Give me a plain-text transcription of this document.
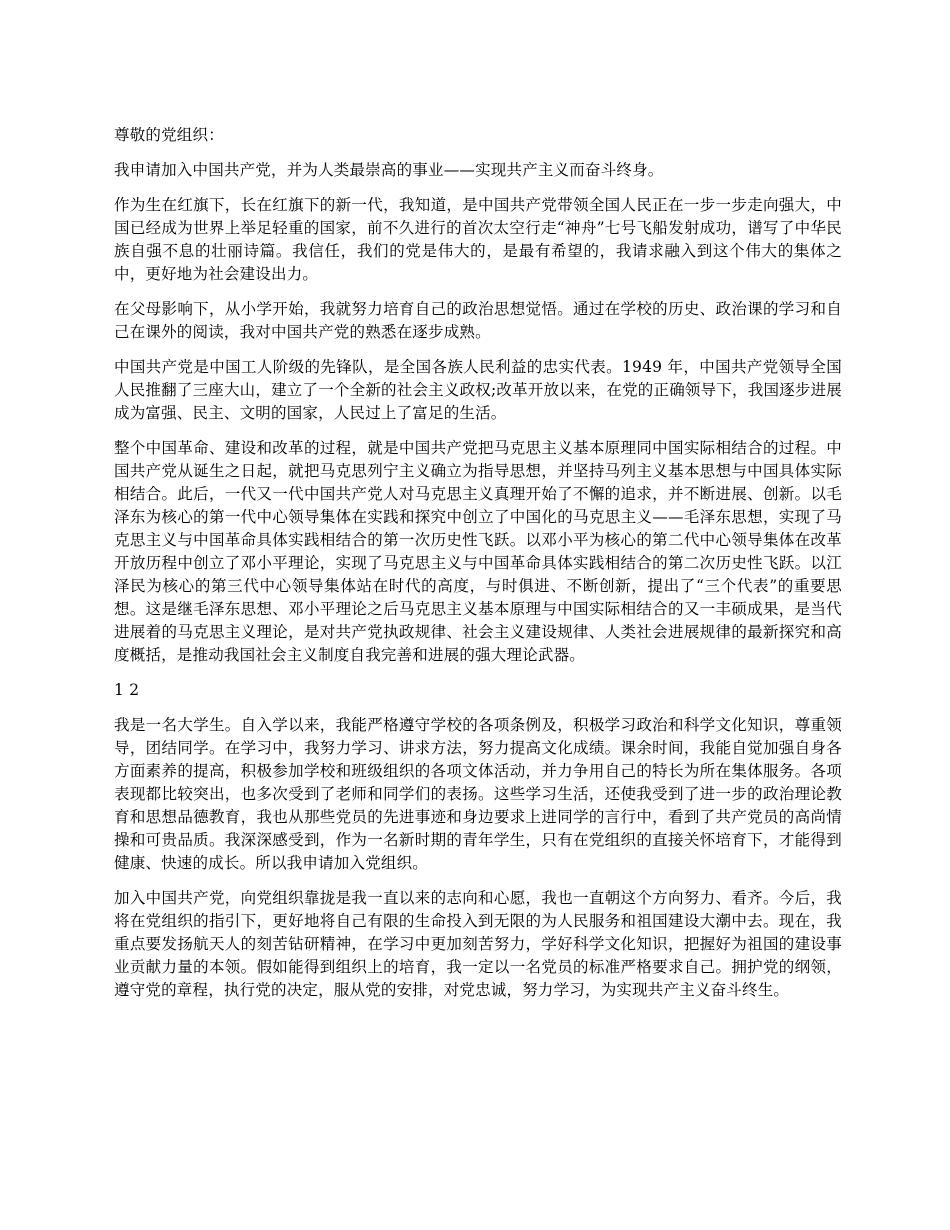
尊敬的党组织：

我申请加入中国共产党，并为人类最崇高的事业——实现共产主义而奋斗终身。

作为生在红旗下，长在红旗下的新一代，我知道，是中国共产党带领全国人民正在一步一步走向强大，中国已经成为世界上举足轻重的国家，前不久进行的首次太空行走“神舟”七号飞船发射成功，谱写了中华民族自强不息的壮丽诗篇。我信任，我们的党是伟大的，是最有希望的，我请求融入到这个伟大的集体之中，更好地为社会建设出力。

在父母影响下，从小学开始，我就努力培育自己的政治思想觉悟。通过在学校的历史、政治课的学习和自己在课外的阅读，我对中国共产党的熟悉在逐步成熟。

中国共产党是中国工人阶级的先锋队，是全国各族人民利益的忠实代表。1949 年，中国共产党领导全国人民推翻了三座大山，建立了一个全新的社会主义政权;改革开放以来，在党的正确领导下，我国逐步进展成为富强、民主、文明的国家，人民过上了富足的生活。

整个中国革命、建设和改革的过程，就是中国共产党把马克思主义基本原理同中国实际相结合的过程。中国共产党从诞生之日起，就把马克思列宁主义确立为指导思想，并坚持马列主义基本思想与中国具体实际相结合。此后，一代又一代中国共产党人对马克思主义真理开始了不懈的追求，并不断进展、创新。以毛泽东为核心的第一代中心领导集体在实践和探究中创立了中国化的马克思主义——毛泽东思想，实现了马克思主义与中国革命具体实践相结合的第一次历史性飞跃。以邓小平为核心的第二代中心领导集体在改革开放历程中创立了邓小平理论，实现了马克思主义与中国革命具体实践相结合的第二次历史性飞跃。以江泽民为核心的第三代中心领导集体站在时代的高度，与时俱进、不断创新，提出了“三个代表”的重要思想。这是继毛泽东思想、邓小平理论之后马克思主义基本原理与中国实际相结合的又一丰硕成果，是当代进展着的马克思主义理论，是对共产党执政规律、社会主义建设规律、人类社会进展规律的最新探究和高度概括，是推动我国社会主义制度自我完善和进展的强大理论武器。

1 2

我是一名大学生。自入学以来，我能严格遵守学校的各项条例及，积极学习政治和科学文化知识，尊重领导，团结同学。在学习中，我努力学习、讲求方法，努力提高文化成绩。课余时间，我能自觉加强自身各方面素养的提高，积极参加学校和班级组织的各项文体活动，并力争用自己的特长为所在集体服务。各项表现都比较突出，也多次受到了老师和同学们的表扬。这些学习生活，还使我受到了进一步的政治理论教育和思想品德教育，我也从那些党员的先进事迹和身边要求上进同学的言行中，看到了共产党员的高尚情操和可贵品质。我深深感受到，作为一名新时期的青年学生，只有在党组织的直接关怀培育下，才能得到健康、快速的成长。所以我申请加入党组织。

加入中国共产党，向党组织靠拢是我一直以来的志向和心愿，我也一直朝这个方向努力、看齐。今后，我将在党组织的指引下，更好地将自己有限的生命投入到无限的为人民服务和祖国建设大潮中去。现在，我重点要发扬航天人的刻苦钻研精神，在学习中更加刻苦努力，学好科学文化知识，把握好为祖国的建设事业贡献力量的本领。假如能得到组织上的培育，我一定以一名党员的标准严格要求自己。拥护党的纲领，遵守党的章程，执行党的决定，服从党的安排，对党忠诚，努力学习，为实现共产主义奋斗终生。
